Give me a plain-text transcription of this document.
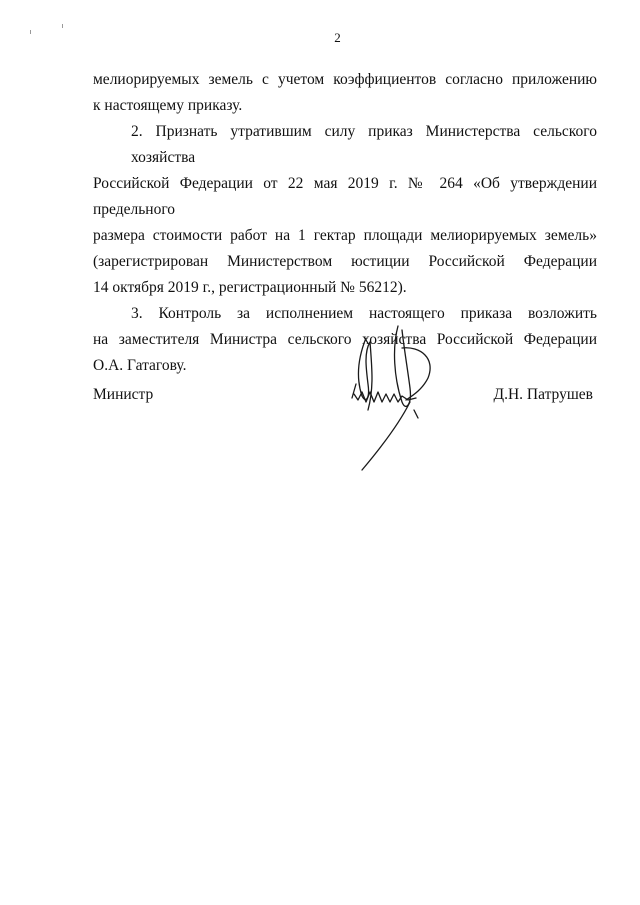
2

мелиорируемых земель с учетом коэффициентов согласно приложению
к настоящему приказу.

2. Признать утратившим силу приказ Министерства сельского хозяйства
Российской Федерации от 22 мая 2019 г. № 264 «Об утверждении предельного
размера стоимости работ на 1 гектар площади мелиорируемых земель»
(зарегистрирован Министерством юстиции Российской Федерации
14 октября 2019 г., регистрационный № 56212).

3. Контроль за исполнением настоящего приказа возложить
на заместителя Министра сельского хозяйства Российской Федерации
О.А. Гатагову.

Министр	Д.Н. Патрушев
